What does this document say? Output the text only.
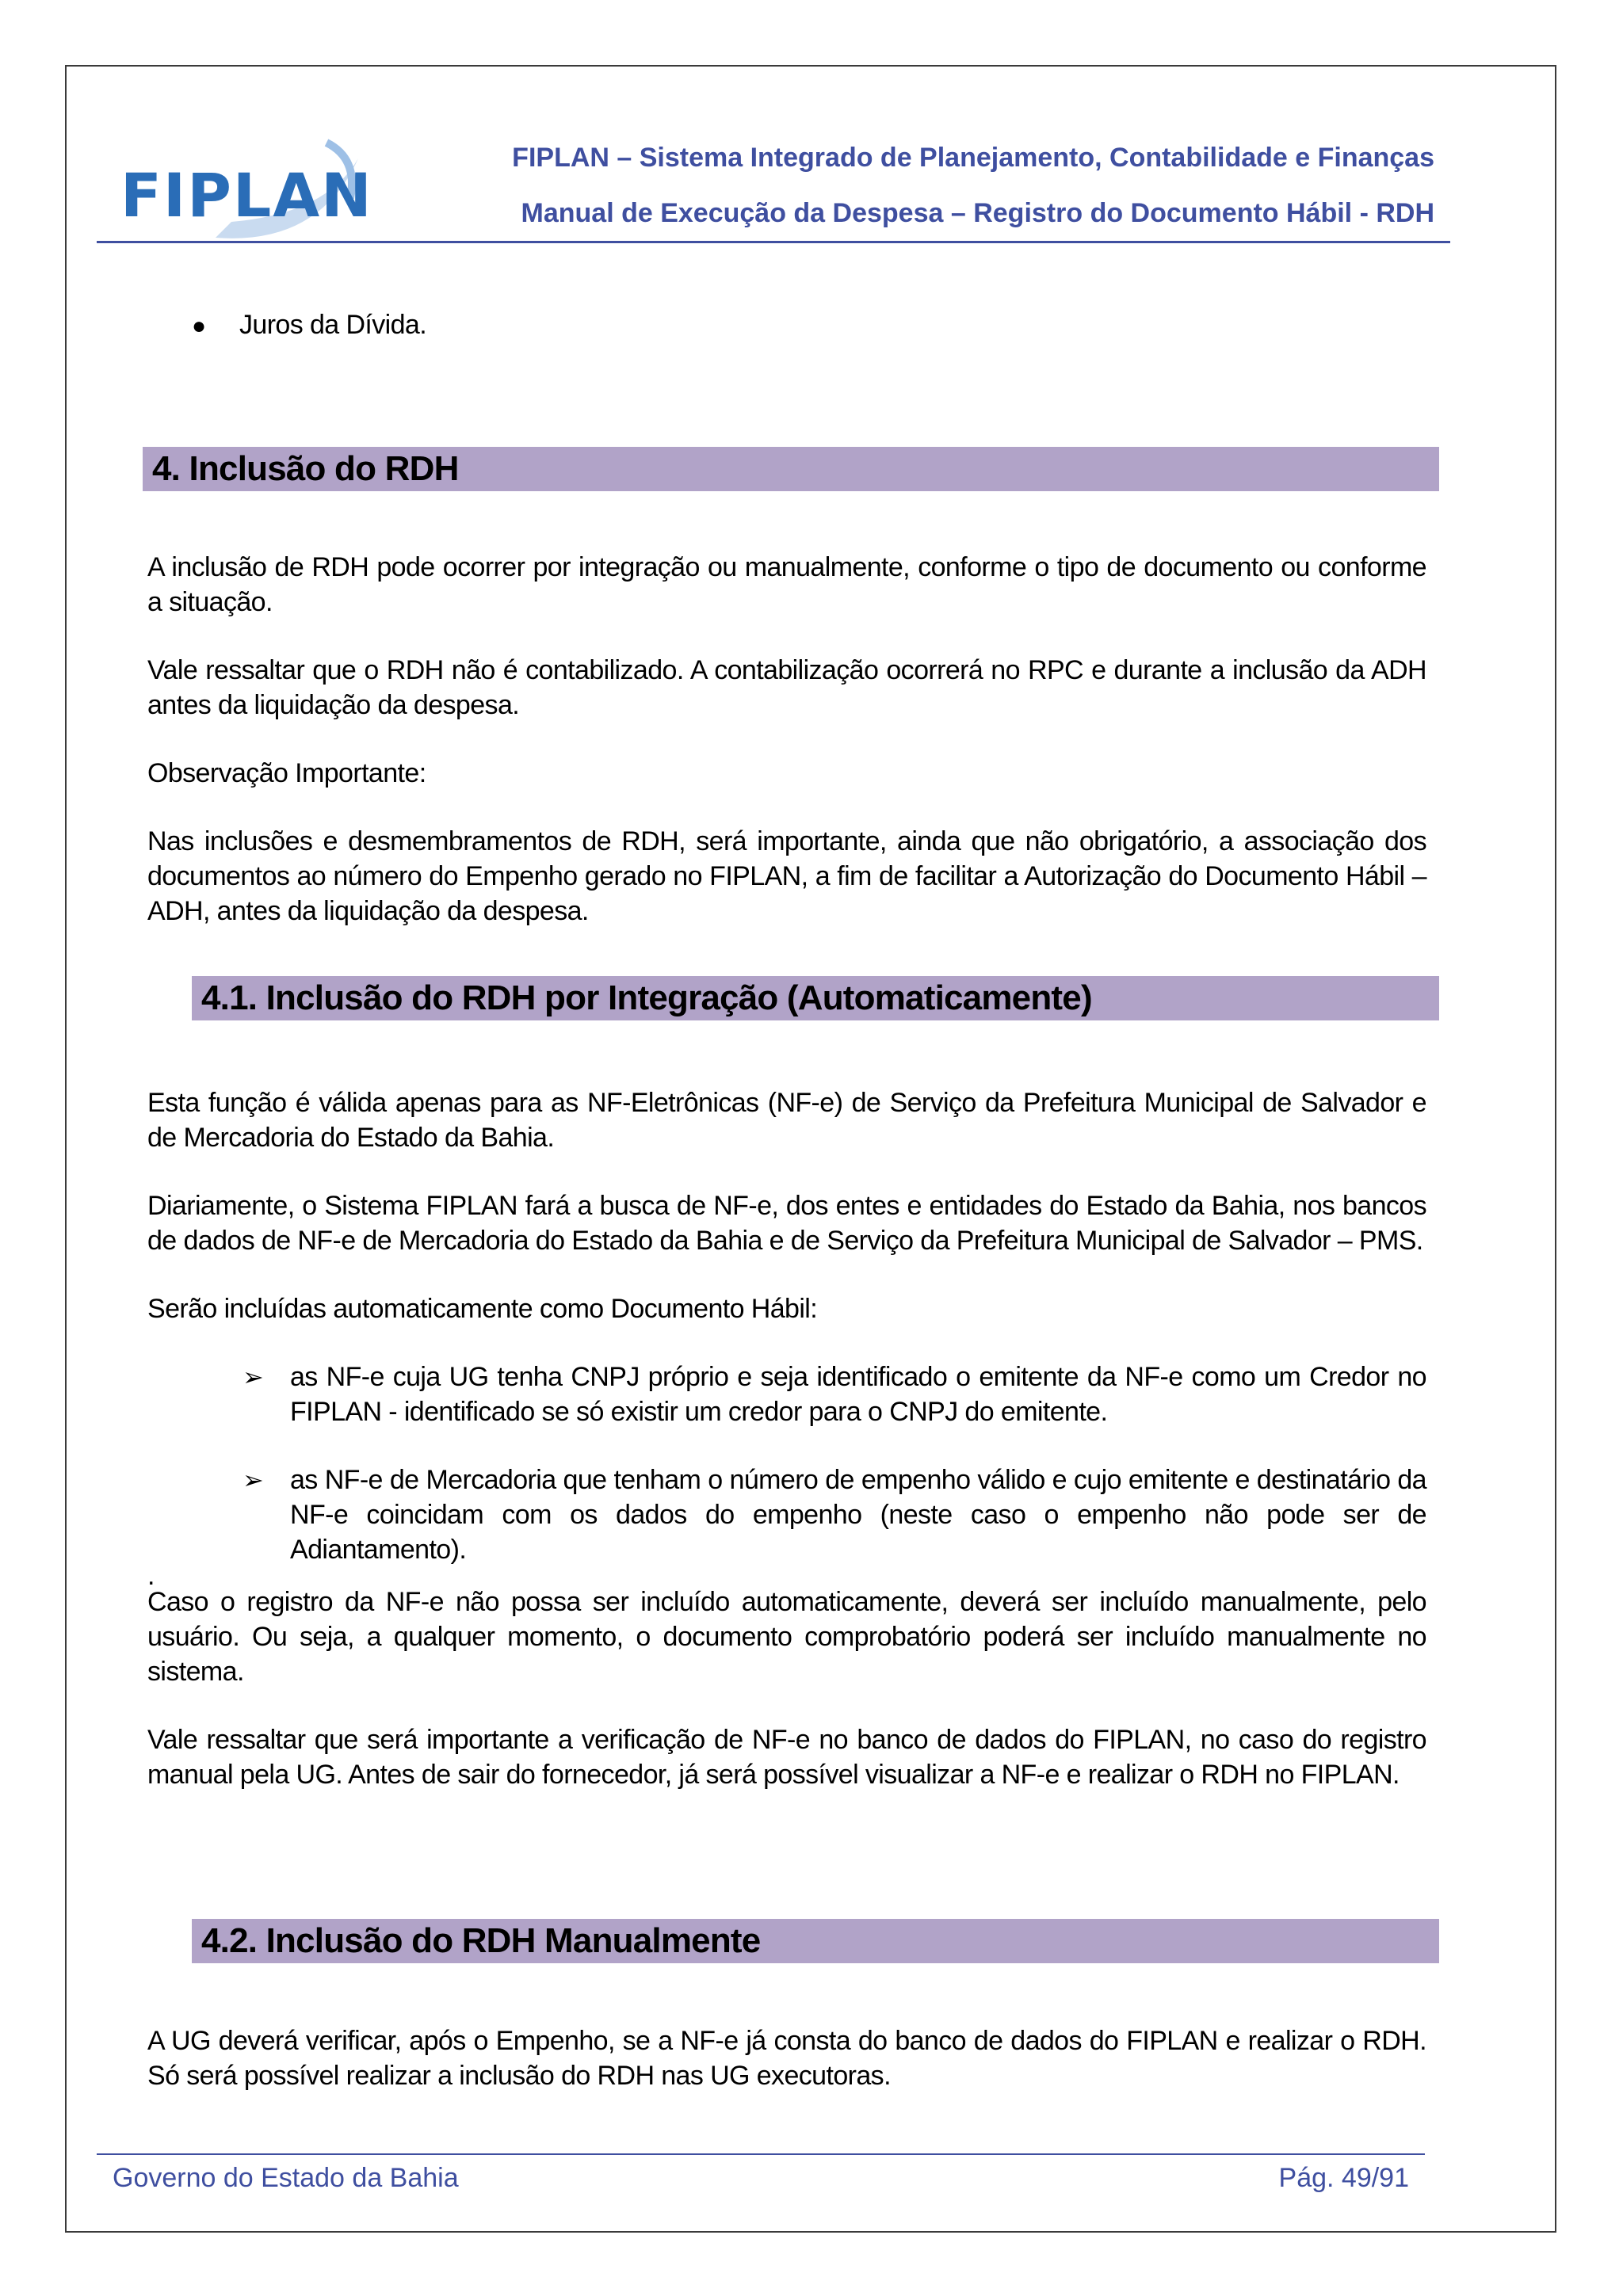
FIPLAN
FIPLAN – Sistema Integrado de Planejamento, Contabilidade e Finanças
Manual de Execução da Despesa – Registro do Documento Hábil - RDH
●	Juros da Dívida.
4. Inclusão do RDH

A inclusão de RDH pode ocorrer por integração ou manualmente, conforme o tipo de documento ou conforme a situação.

Vale ressaltar que o RDH não é contabilizado. A contabilização ocorrerá no RPC e durante a inclusão da ADH antes da liquidação da despesa.

Observação Importante:

Nas inclusões e desmembramentos de RDH, será importante, ainda que não obrigatório, a associação dos documentos ao número do Empenho gerado no FIPLAN, a fim de facilitar a Autorização do Documento Hábil – ADH, antes da liquidação da despesa.

4.1. Inclusão do RDH por Integração (Automaticamente)

Esta função é válida apenas para as NF-Eletrônicas (NF-e) de Serviço da Prefeitura Municipal de Salvador e de Mercadoria do Estado da Bahia.

Diariamente, o Sistema FIPLAN fará a busca de NF-e, dos entes e entidades do Estado da Bahia, nos bancos de dados de NF-e de Mercadoria do Estado da Bahia e de Serviço da Prefeitura Municipal de Salvador – PMS.

Serão incluídas automaticamente como Documento Hábil:

➢ as NF-e cuja UG tenha CNPJ próprio e seja identificado o emitente da NF-e como um Credor no FIPLAN - identificado se só existir um credor para o CNPJ do emitente.
➢ as NF-e de Mercadoria que tenham o número de empenho válido e cujo emitente e destinatário da NF-e coincidam com os dados do empenho (neste caso o empenho não pode ser de Adiantamento).
.

Caso o registro da NF-e não possa ser incluído automaticamente, deverá ser incluído manualmente, pelo usuário. Ou seja, a qualquer momento, o documento comprobatório poderá ser incluído manualmente no sistema.

Vale ressaltar que será importante a verificação de NF-e no banco de dados do FIPLAN, no caso do registro manual pela UG. Antes de sair do fornecedor, já será possível visualizar a NF-e e realizar o RDH no FIPLAN.

4.2. Inclusão do RDH Manualmente

A UG deverá verificar, após o Empenho, se a NF-e já consta do banco de dados do FIPLAN e realizar o RDH. Só será possível realizar a inclusão do RDH nas UG executoras.

Governo do Estado da Bahia	Pág. 49/91
